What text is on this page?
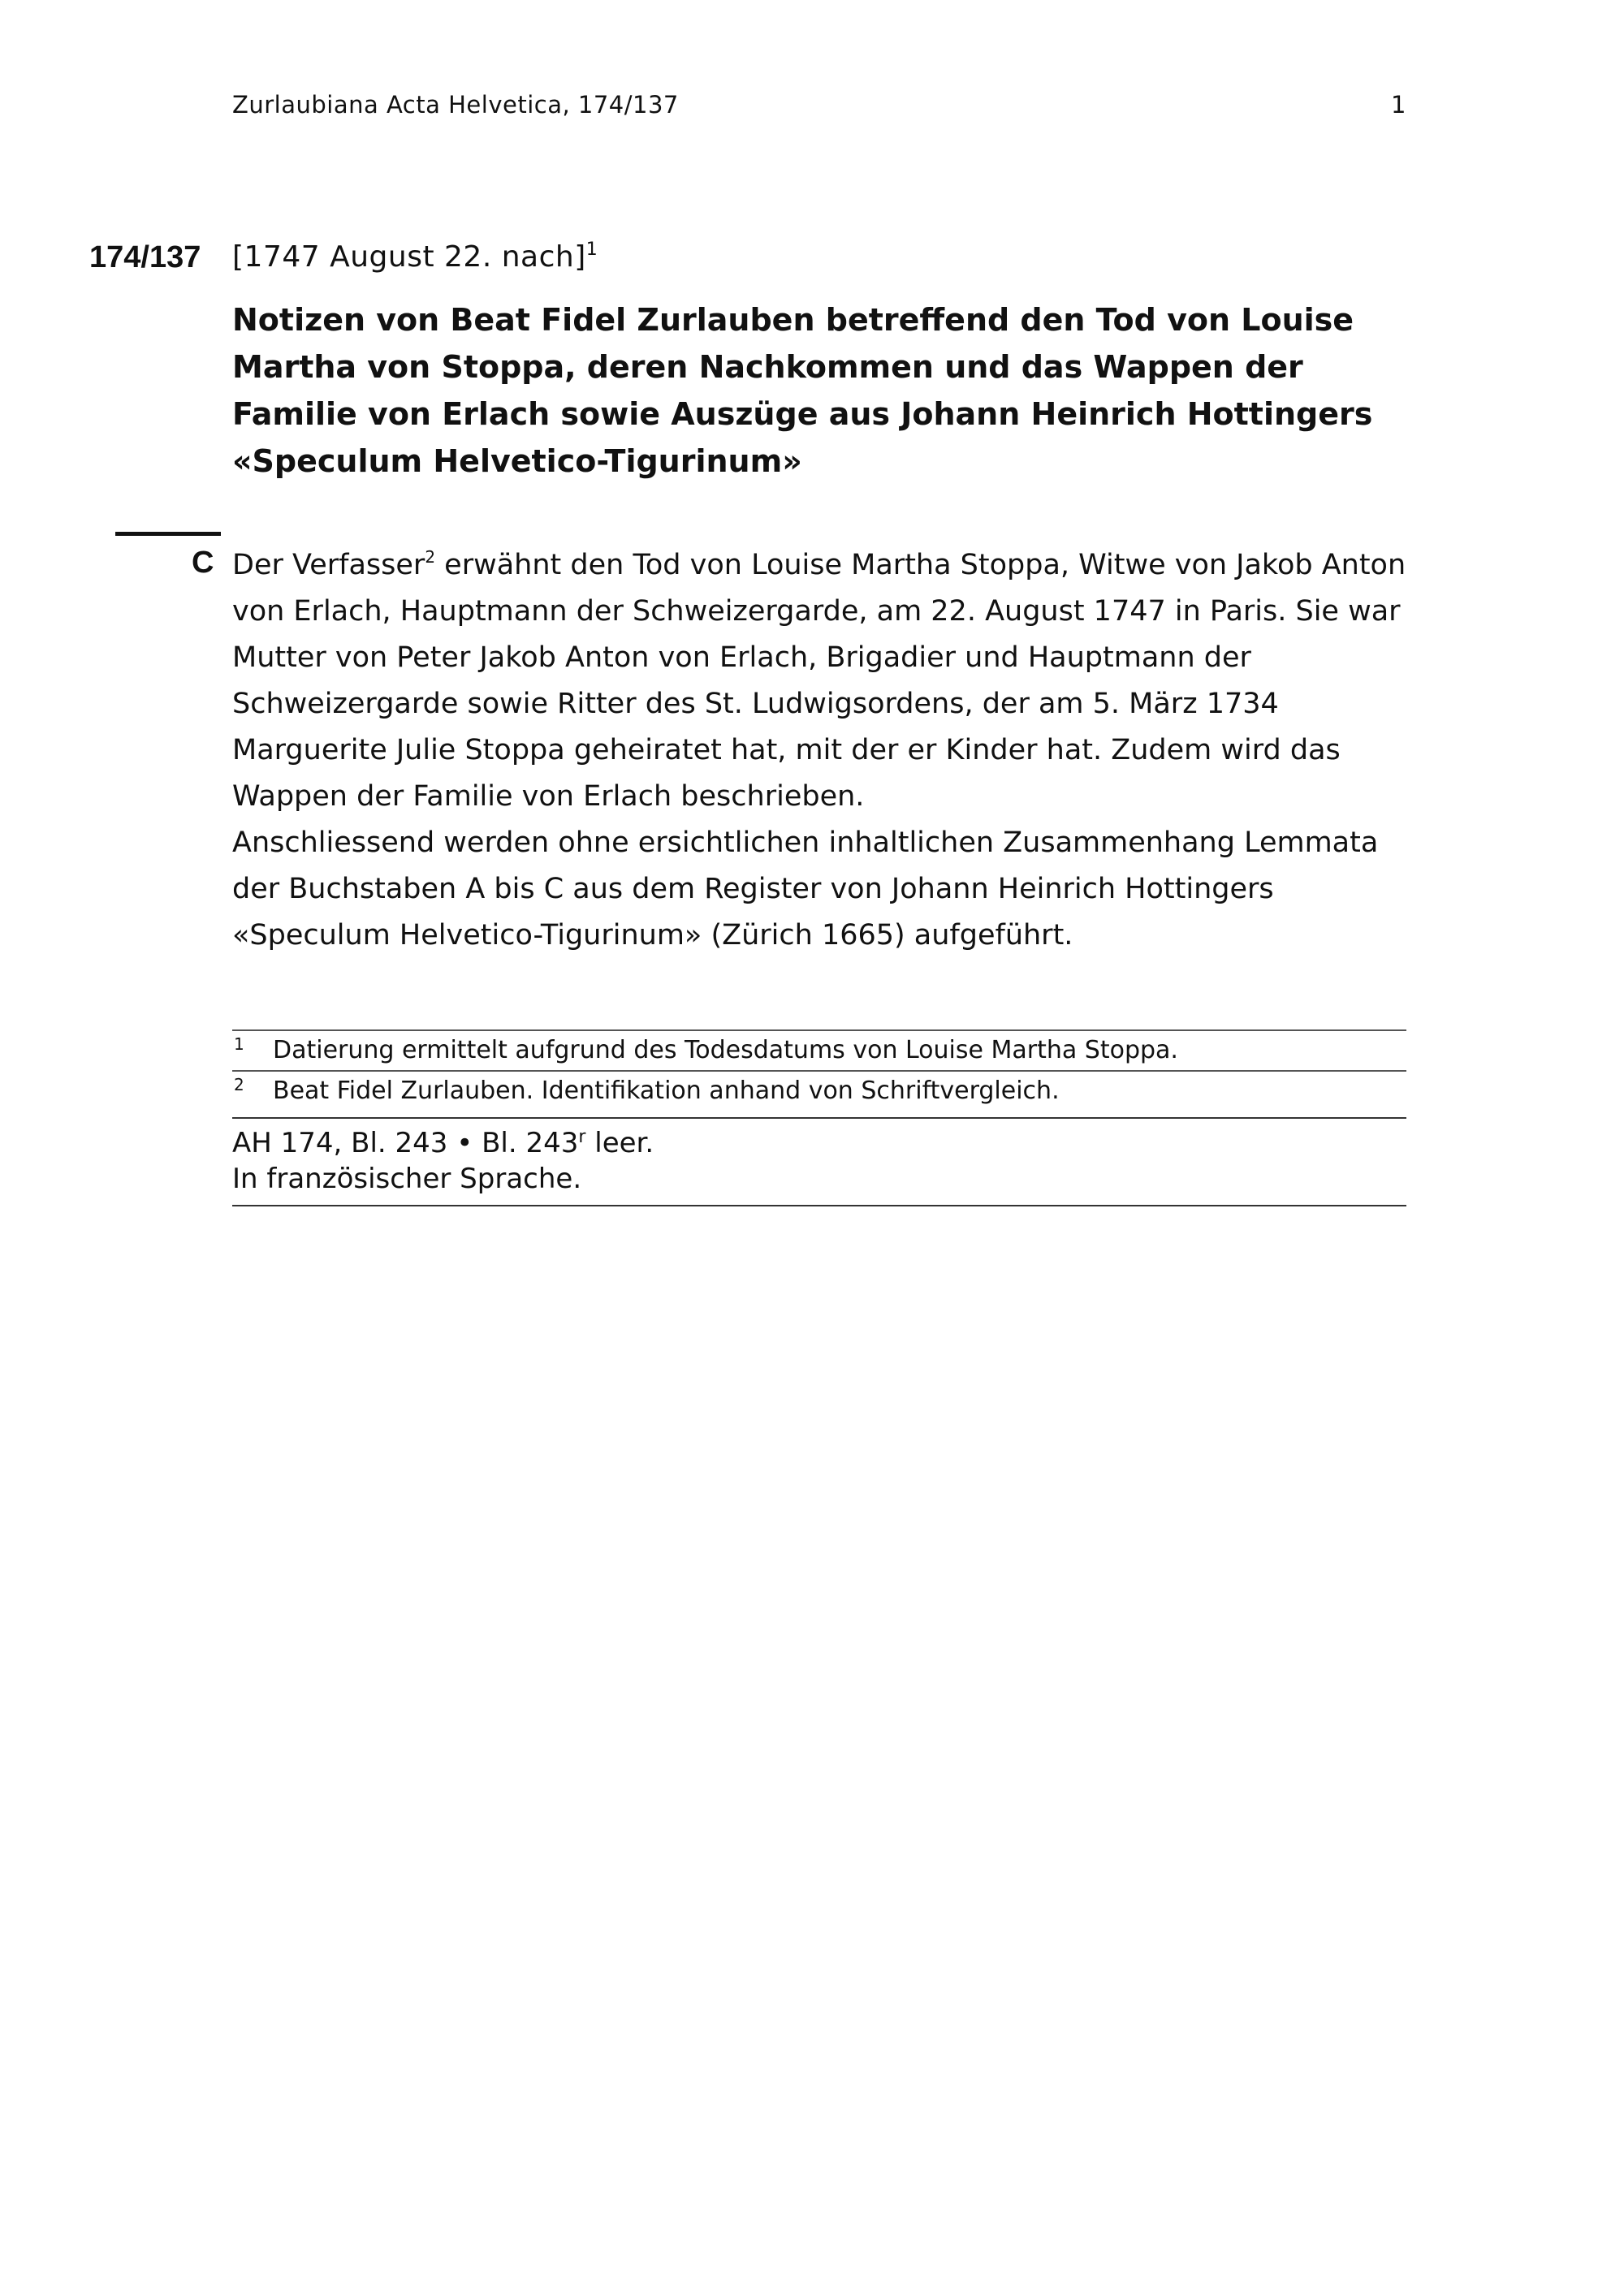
Zurlaubiana Acta Helvetica, 174/137	1
174/137 [1747 August 22. nach]$^1$
Notizen von Beat Fidel Zurlauben betreffend den Tod von Louise
Martha von Stoppa, deren Nachkommen und das Wappen der
Familie von Erlach sowie Auszüge aus Johann Heinrich Hottingers
«Speculum Helvetico-Tigurinum»
C Der Verfasser$^2$ erwähnt den Tod von Louise Martha Stoppa, Witwe von Jakob Anton von Erlach, Hauptmann der Schweizergarde, am 22. August 1747 in Paris. Sie war Mutter von Peter Jakob Anton von Erlach, Brigadier und Hauptmann der Schweizergarde sowie Ritter des St. Ludwigsordens, der am 5. März 1734 Marguerite Julie Stoppa geheiratet hat, mit der er Kinder hat. Zudem wird das Wappen der Familie von Erlach beschrieben.

Anschliessend werden ohne ersichtlichen inhaltlichen Zusammenhang Lemmata der Buchstaben A bis C aus dem Register von Johann Heinrich Hottingers «Speculum Helvetico-Tigurinum» (Zürich 1665) aufgeführt.

1 Datierung ermittelt aufgrund des Todesdatums von Louise Martha Stoppa.
2 Beat Fidel Zurlauben. Identifikation anhand von Schriftvergleich.
AH 174, Bl. 243 • Bl. 243$^r$ leer.
In französischer Sprache.
